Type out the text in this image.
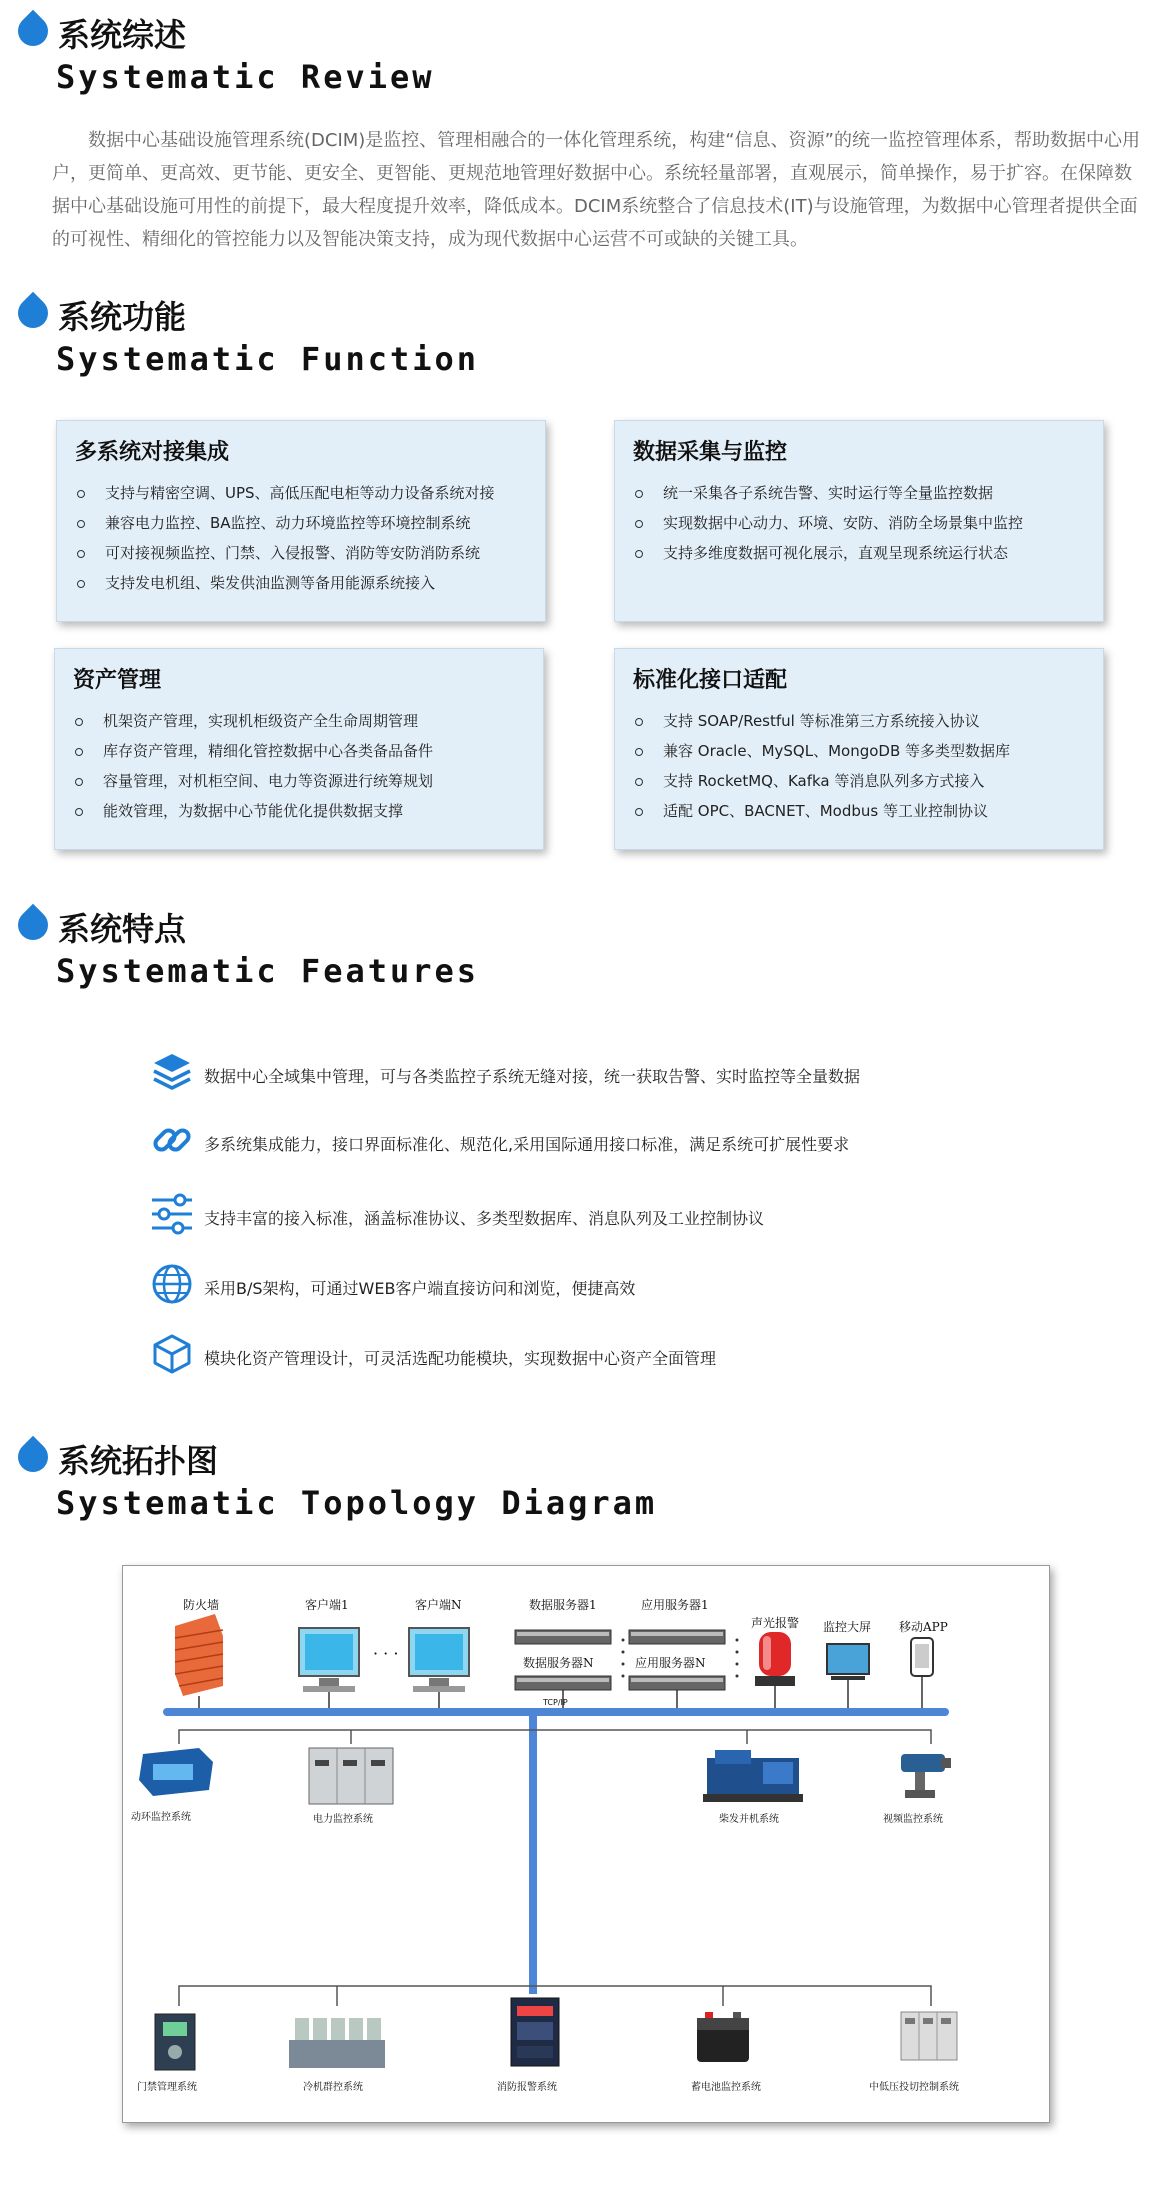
系统综述
Systematic Review

数据中心基础设施管理系统(DCIM)是监控、管理相融合的一体化管理系统，构建“信息、资源”的统一监控管理体系，帮助数据中心用户，更简单、更高效、更节能、更安全、更智能、更规范地管理好数据中心。系统轻量部署，直观展示，简单操作，易于扩容。在保障数据中心基础设施可用性的前提下，最大程度提升效率，降低成本。DCIM系统整合了信息技术(IT)与设施管理，为数据中心管理者提供全面的可视性、精细化的管控能力以及智能决策支持，成为现代数据中心运营不可或缺的关键工具。

系统功能
Systematic Function
多系统对接集成
支持与精密空调、UPS、高低压配电柜等动力设备系统对接
兼容电力监控、BA监控、动力环境监控等环境控制系统
可对接视频监控、门禁、入侵报警、消防等安防消防系统
支持发电机组、柴发供油监测等备用能源系统接入
数据采集与监控
统一采集各子系统告警、实时运行等全量监控数据
实现数据中心动力、环境、安防、消防全场景集中监控
支持多维度数据可视化展示，直观呈现系统运行状态
资产管理
机架资产管理，实现机柜级资产全生命周期管理
库存资产管理，精细化管控数据中心各类备品备件
容量管理，对机柜空间、电力等资源进行统筹规划
能效管理，为数据中心节能优化提供数据支撑
标准化接口适配
支持 SOAP/Restful 等标准第三方系统接入协议
兼容 Oracle、MySQL、MongoDB 等多类型数据库
支持 RocketMQ、Kafka 等消息队列多方式接入
适配 OPC、BACNET、Modbus 等工业控制协议
系统特点
Systematic Features
数据中心全域集中管理，可与各类监控子系统无缝对接，统一获取告警、实时监控等全量数据
多系统集成能力，接口界面标准化、规范化,采用国际通用接口标准，满足系统可扩展性要求
支持丰富的接入标准，涵盖标准协议、多类型数据库、消息队列及工业控制协议
采用B/S架构，可通过WEB客户端直接访问和浏览，便捷高效
模块化资产管理设计，可灵活选配功能模块，实现数据中心资产全面管理
系统拓扑图
Systematic Topology Diagram
防火墙	客户端1	客户端N
· · ·
数据服务器1
数据服务器N
应用服务器1
应用服务器N
声光报警 监控大屏 移动APP
TCP/IP
动环监控系统	电力监控系统	柴发并机系统	视频监控系统
门禁管理系统	冷机群控系统	消防报警系统	蓄电池监控系统	中低压投切控制系统
